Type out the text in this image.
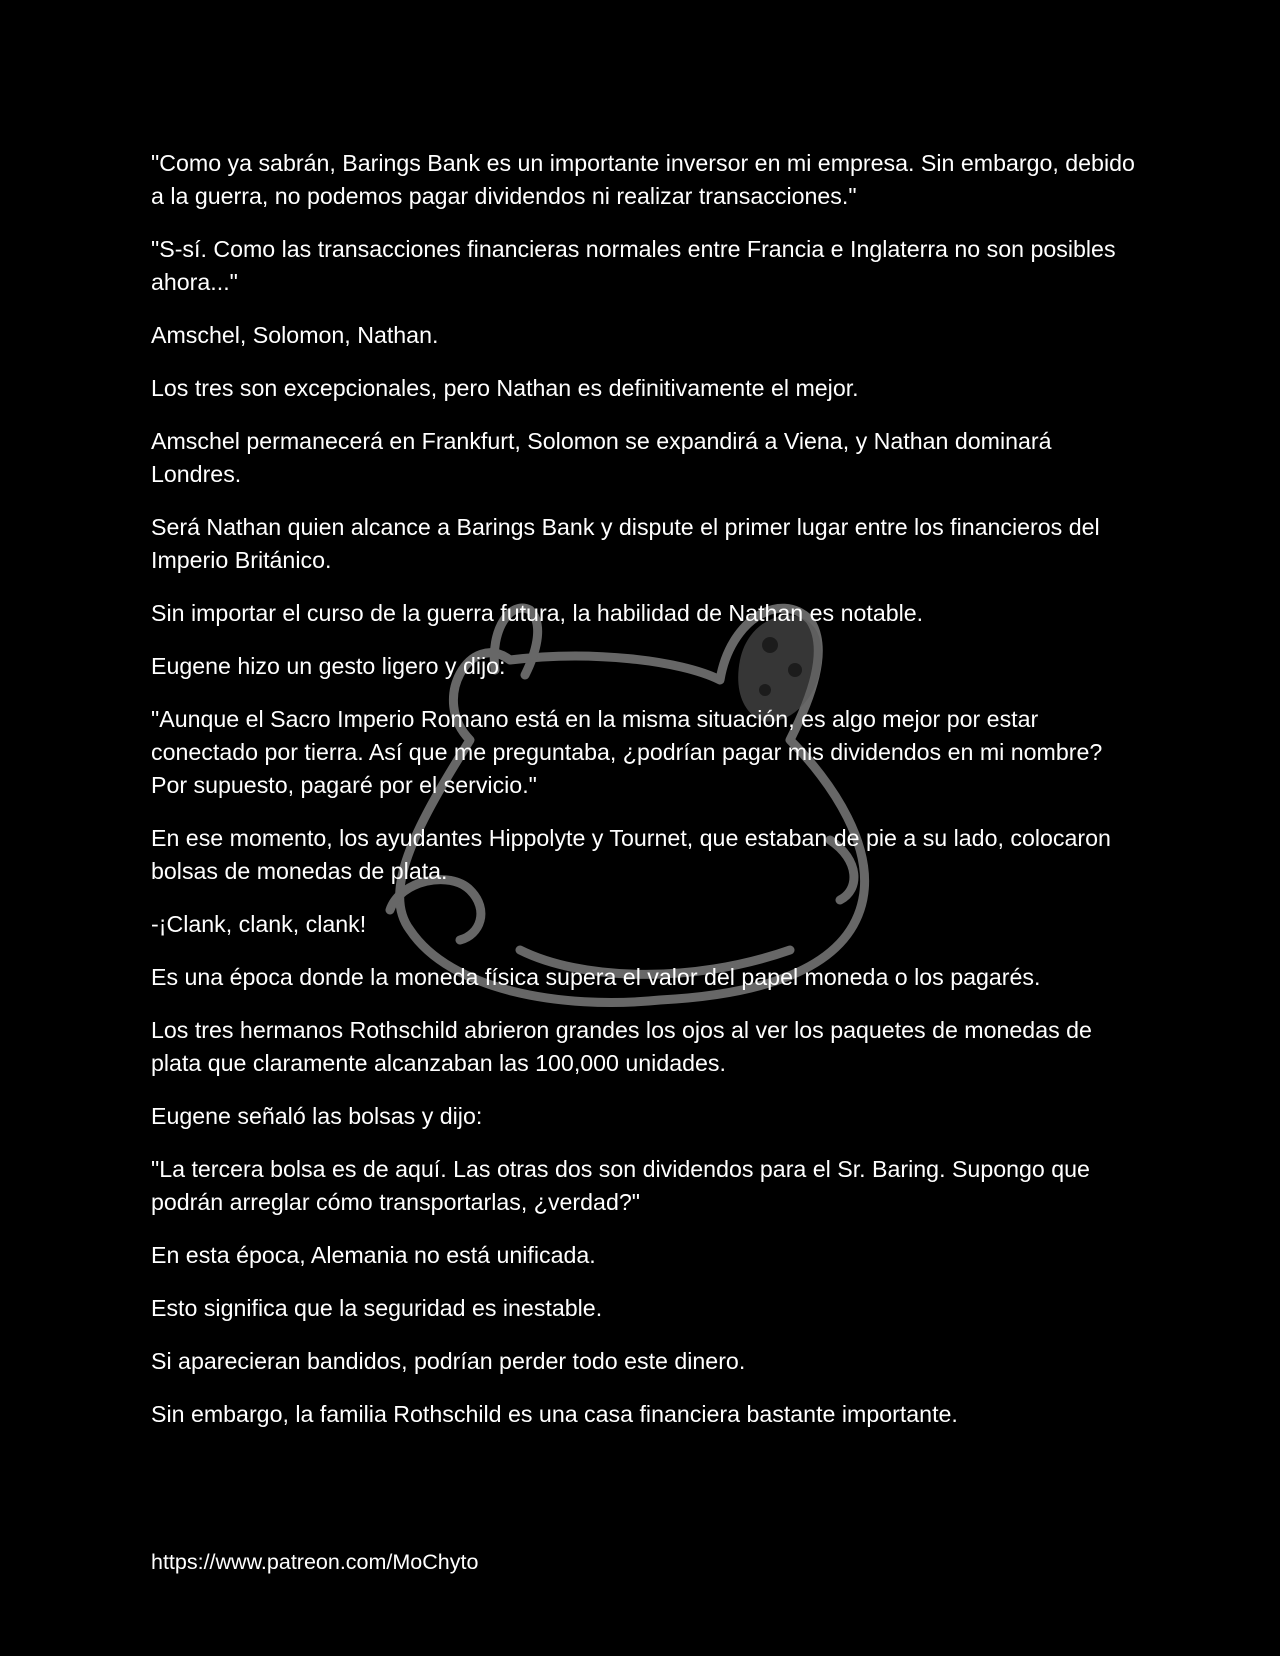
"Como ya sabrán, Barings Bank es un importante inversor en mi empresa. Sin embargo, debido a la guerra, no podemos pagar dividendos ni realizar transacciones."

"S-sí. Como las transacciones financieras normales entre Francia e Inglaterra no son posibles ahora..."

Amschel, Solomon, Nathan.

Los tres son excepcionales, pero Nathan es definitivamente el mejor.

Amschel permanecerá en Frankfurt, Solomon se expandirá a Viena, y Nathan dominará Londres.

Será Nathan quien alcance a Barings Bank y dispute el primer lugar entre los financieros del Imperio Británico.

Sin importar el curso de la guerra futura, la habilidad de Nathan es notable.

Eugene hizo un gesto ligero y dijo:

"Aunque el Sacro Imperio Romano está en la misma situación, es algo mejor por estar conectado por tierra. Así que me preguntaba, ¿podrían pagar mis dividendos en mi nombre? Por supuesto, pagaré por el servicio."

En ese momento, los ayudantes Hippolyte y Tournet, que estaban de pie a su lado, colocaron bolsas de monedas de plata.

-¡Clank, clank, clank!

Es una época donde la moneda física supera el valor del papel moneda o los pagarés.

Los tres hermanos Rothschild abrieron grandes los ojos al ver los paquetes de monedas de plata que claramente alcanzaban las 100,000 unidades.

Eugene señaló las bolsas y dijo:

"La tercera bolsa es de aquí. Las otras dos son dividendos para el Sr. Baring. Supongo que podrán arreglar cómo transportarlas, ¿verdad?"

En esta época, Alemania no está unificada.

Esto significa que la seguridad es inestable.

Si aparecieran bandidos, podrían perder todo este dinero.

Sin embargo, la familia Rothschild es una casa financiera bastante importante.

https://www.patreon.com/MoChyto
